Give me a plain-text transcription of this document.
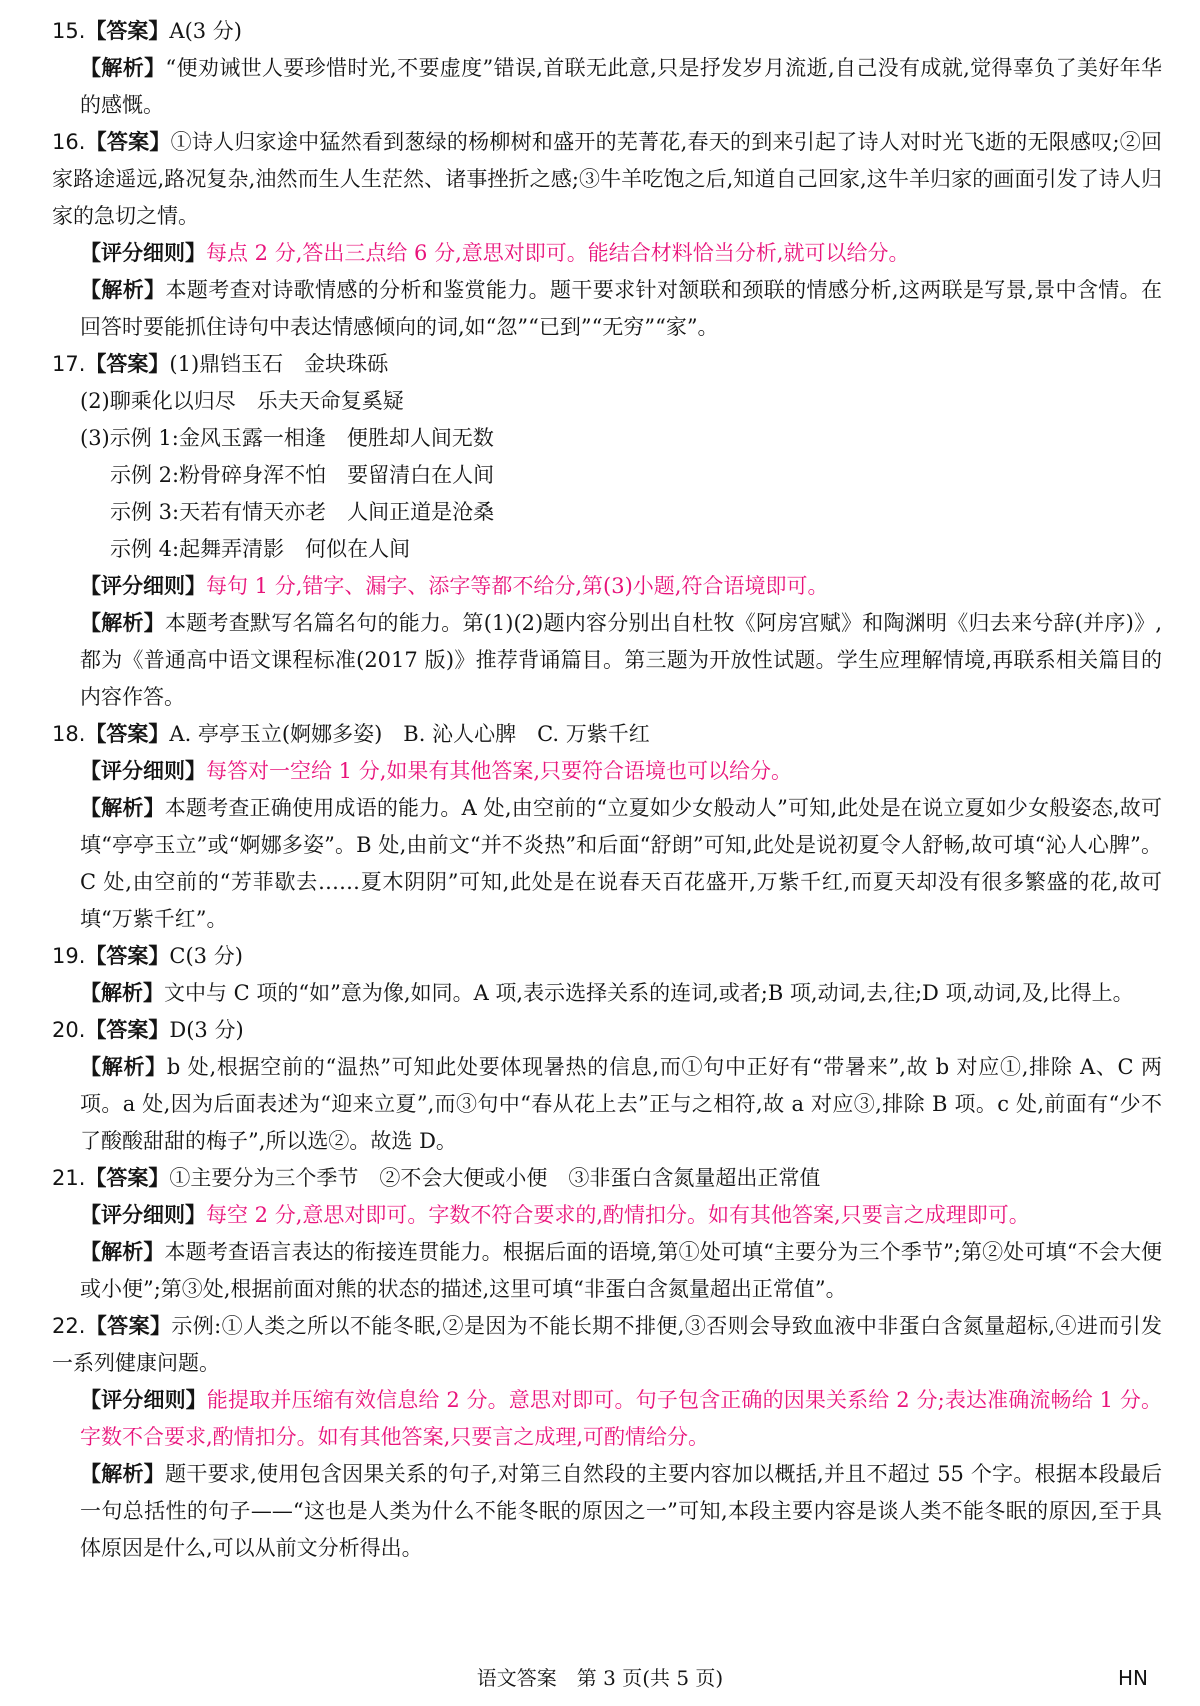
15.【答案】A(3 分)
【解析】“便劝诫世人要珍惜时光,不要虚度”错误,首联无此意,只是抒发岁月流逝,自己没有成就,觉得辜负了美好年华的感慨。
16.【答案】①诗人归家途中猛然看到葱绿的杨柳树和盛开的芜菁花,春天的到来引起了诗人对时光飞逝的无限感叹;②回家路途遥远,路况复杂,油然而生人生茫然、诸事挫折之感;③牛羊吃饱之后,知道自己回家,这牛羊归家的画面引发了诗人归家的急切之情。
【评分细则】每点 2 分,答出三点给 6 分,意思对即可。能结合材料恰当分析,就可以给分。
【解析】本题考查对诗歌情感的分析和鉴赏能力。题干要求针对颔联和颈联的情感分析,这两联是写景,景中含情。在回答时要能抓住诗句中表达情感倾向的词,如“忽”“已到”“无穷”“家”。
17.【答案】(1)鼎铛玉石　金块珠砾
(2)聊乘化以归尽　乐夫天命复奚疑
(3)示例 1:金风玉露一相逢　便胜却人间无数
示例 2:粉骨碎身浑不怕　要留清白在人间
示例 3:天若有情天亦老　人间正道是沧桑
示例 4:起舞弄清影　何似在人间
【评分细则】每句 1 分,错字、漏字、添字等都不给分,第(3)小题,符合语境即可。
【解析】本题考查默写名篇名句的能力。第(1)(2)题内容分别出自杜牧《阿房宫赋》和陶渊明《归去来兮辞(并序)》,都为《普通高中语文课程标准(2017 版)》推荐背诵篇目。第三题为开放性试题。学生应理解情境,再联系相关篇目的内容作答。
18.【答案】A. 亭亭玉立(婀娜多姿)　B. 沁人心脾　C. 万紫千红
【评分细则】每答对一空给 1 分,如果有其他答案,只要符合语境也可以给分。
【解析】本题考查正确使用成语的能力。A 处,由空前的“立夏如少女般动人”可知,此处是在说立夏如少女般姿态,故可填“亭亭玉立”或“婀娜多姿”。B 处,由前文“并不炎热”和后面“舒朗”可知,此处是说初夏令人舒畅,故可填“沁人心脾”。C 处,由空前的“芳菲歇去……夏木阴阴”可知,此处是在说春天百花盛开,万紫千红,而夏天却没有很多繁盛的花,故可填“万紫千红”。
19.【答案】C(3 分)
【解析】文中与 C 项的“如”意为像,如同。A 项,表示选择关系的连词,或者;B 项,动词,去,往;D 项,动词,及,比得上。
20.【答案】D(3 分)
【解析】b 处,根据空前的“温热”可知此处要体现暑热的信息,而①句中正好有“带暑来”,故 b 对应①,排除 A、C 两项。a 处,因为后面表述为“迎来立夏”,而③句中“春从花上去”正与之相符,故 a 对应③,排除 B 项。c 处,前面有“少不了酸酸甜甜的梅子”,所以选②。故选 D。
21.【答案】①主要分为三个季节　②不会大便或小便　③非蛋白含氮量超出正常值
【评分细则】每空 2 分,意思对即可。字数不符合要求的,酌情扣分。如有其他答案,只要言之成理即可。
【解析】本题考查语言表达的衔接连贯能力。根据后面的语境,第①处可填“主要分为三个季节”;第②处可填“不会大便或小便”;第③处,根据前面对熊的状态的描述,这里可填“非蛋白含氮量超出正常值”。
22.【答案】示例:①人类之所以不能冬眠,②是因为不能长期不排便,③否则会导致血液中非蛋白含氮量超标,④进而引发一系列健康问题。
【评分细则】能提取并压缩有效信息给 2 分。意思对即可。句子包含正确的因果关系给 2 分;表达准确流畅给 1 分。字数不合要求,酌情扣分。如有其他答案,只要言之成理,可酌情给分。
【解析】题干要求,使用包含因果关系的句子,对第三自然段的主要内容加以概括,并且不超过 55 个字。根据本段最后一句总括性的句子——“这也是人类为什么不能冬眠的原因之一”可知,本段主要内容是谈人类不能冬眠的原因,至于具体原因是什么,可以从前文分析得出。
语文答案　第 3 页(共 5 页)	HN
